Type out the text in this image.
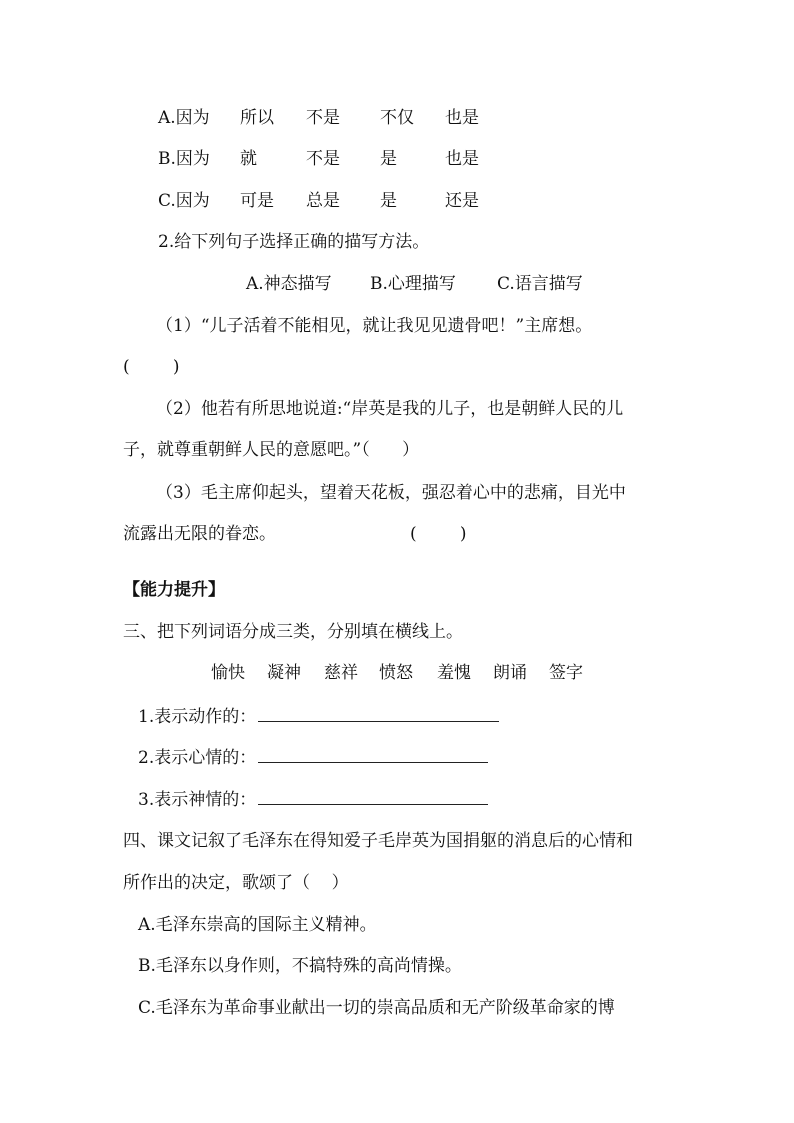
A.因为 所以 不是 不仅 也是
B.因为 就	不是 是	也是
C.因为 可是 总是 是	还是
2.给下列句子选择正确的描写方法。
A.神态描写 B.心理描写 C.语言描写
（1）“儿子活着不能相见，就让我见见遗骨吧！”主席想。
(        )
（2）他若有所思地说道:“岸英是我的儿子，也是朝鲜人民的儿
子，就尊重朝鲜人民的意愿吧。”（      ）
（3）毛主席仰起头，望着天花板，强忍着心中的悲痛，目光中
流露出无限的眷恋。	(        )
【能力提升】
三、把下列词语分成三类，分别填在横线上。
愉快 凝神 慈祥 愤怒 羞愧 朗诵 签字
1.表示动作的：
2.表示心情的：
3.表示神情的：
四、课文记叙了毛泽东在得知爱子毛岸英为国捐躯的消息后的心情和
所作出的决定，歌颂了（    ）
A.毛泽东崇高的国际主义精神。
B.毛泽东以身作则，不搞特殊的高尚情操。
C.毛泽东为革命事业献出一切的崇高品质和无产阶级革命家的博
